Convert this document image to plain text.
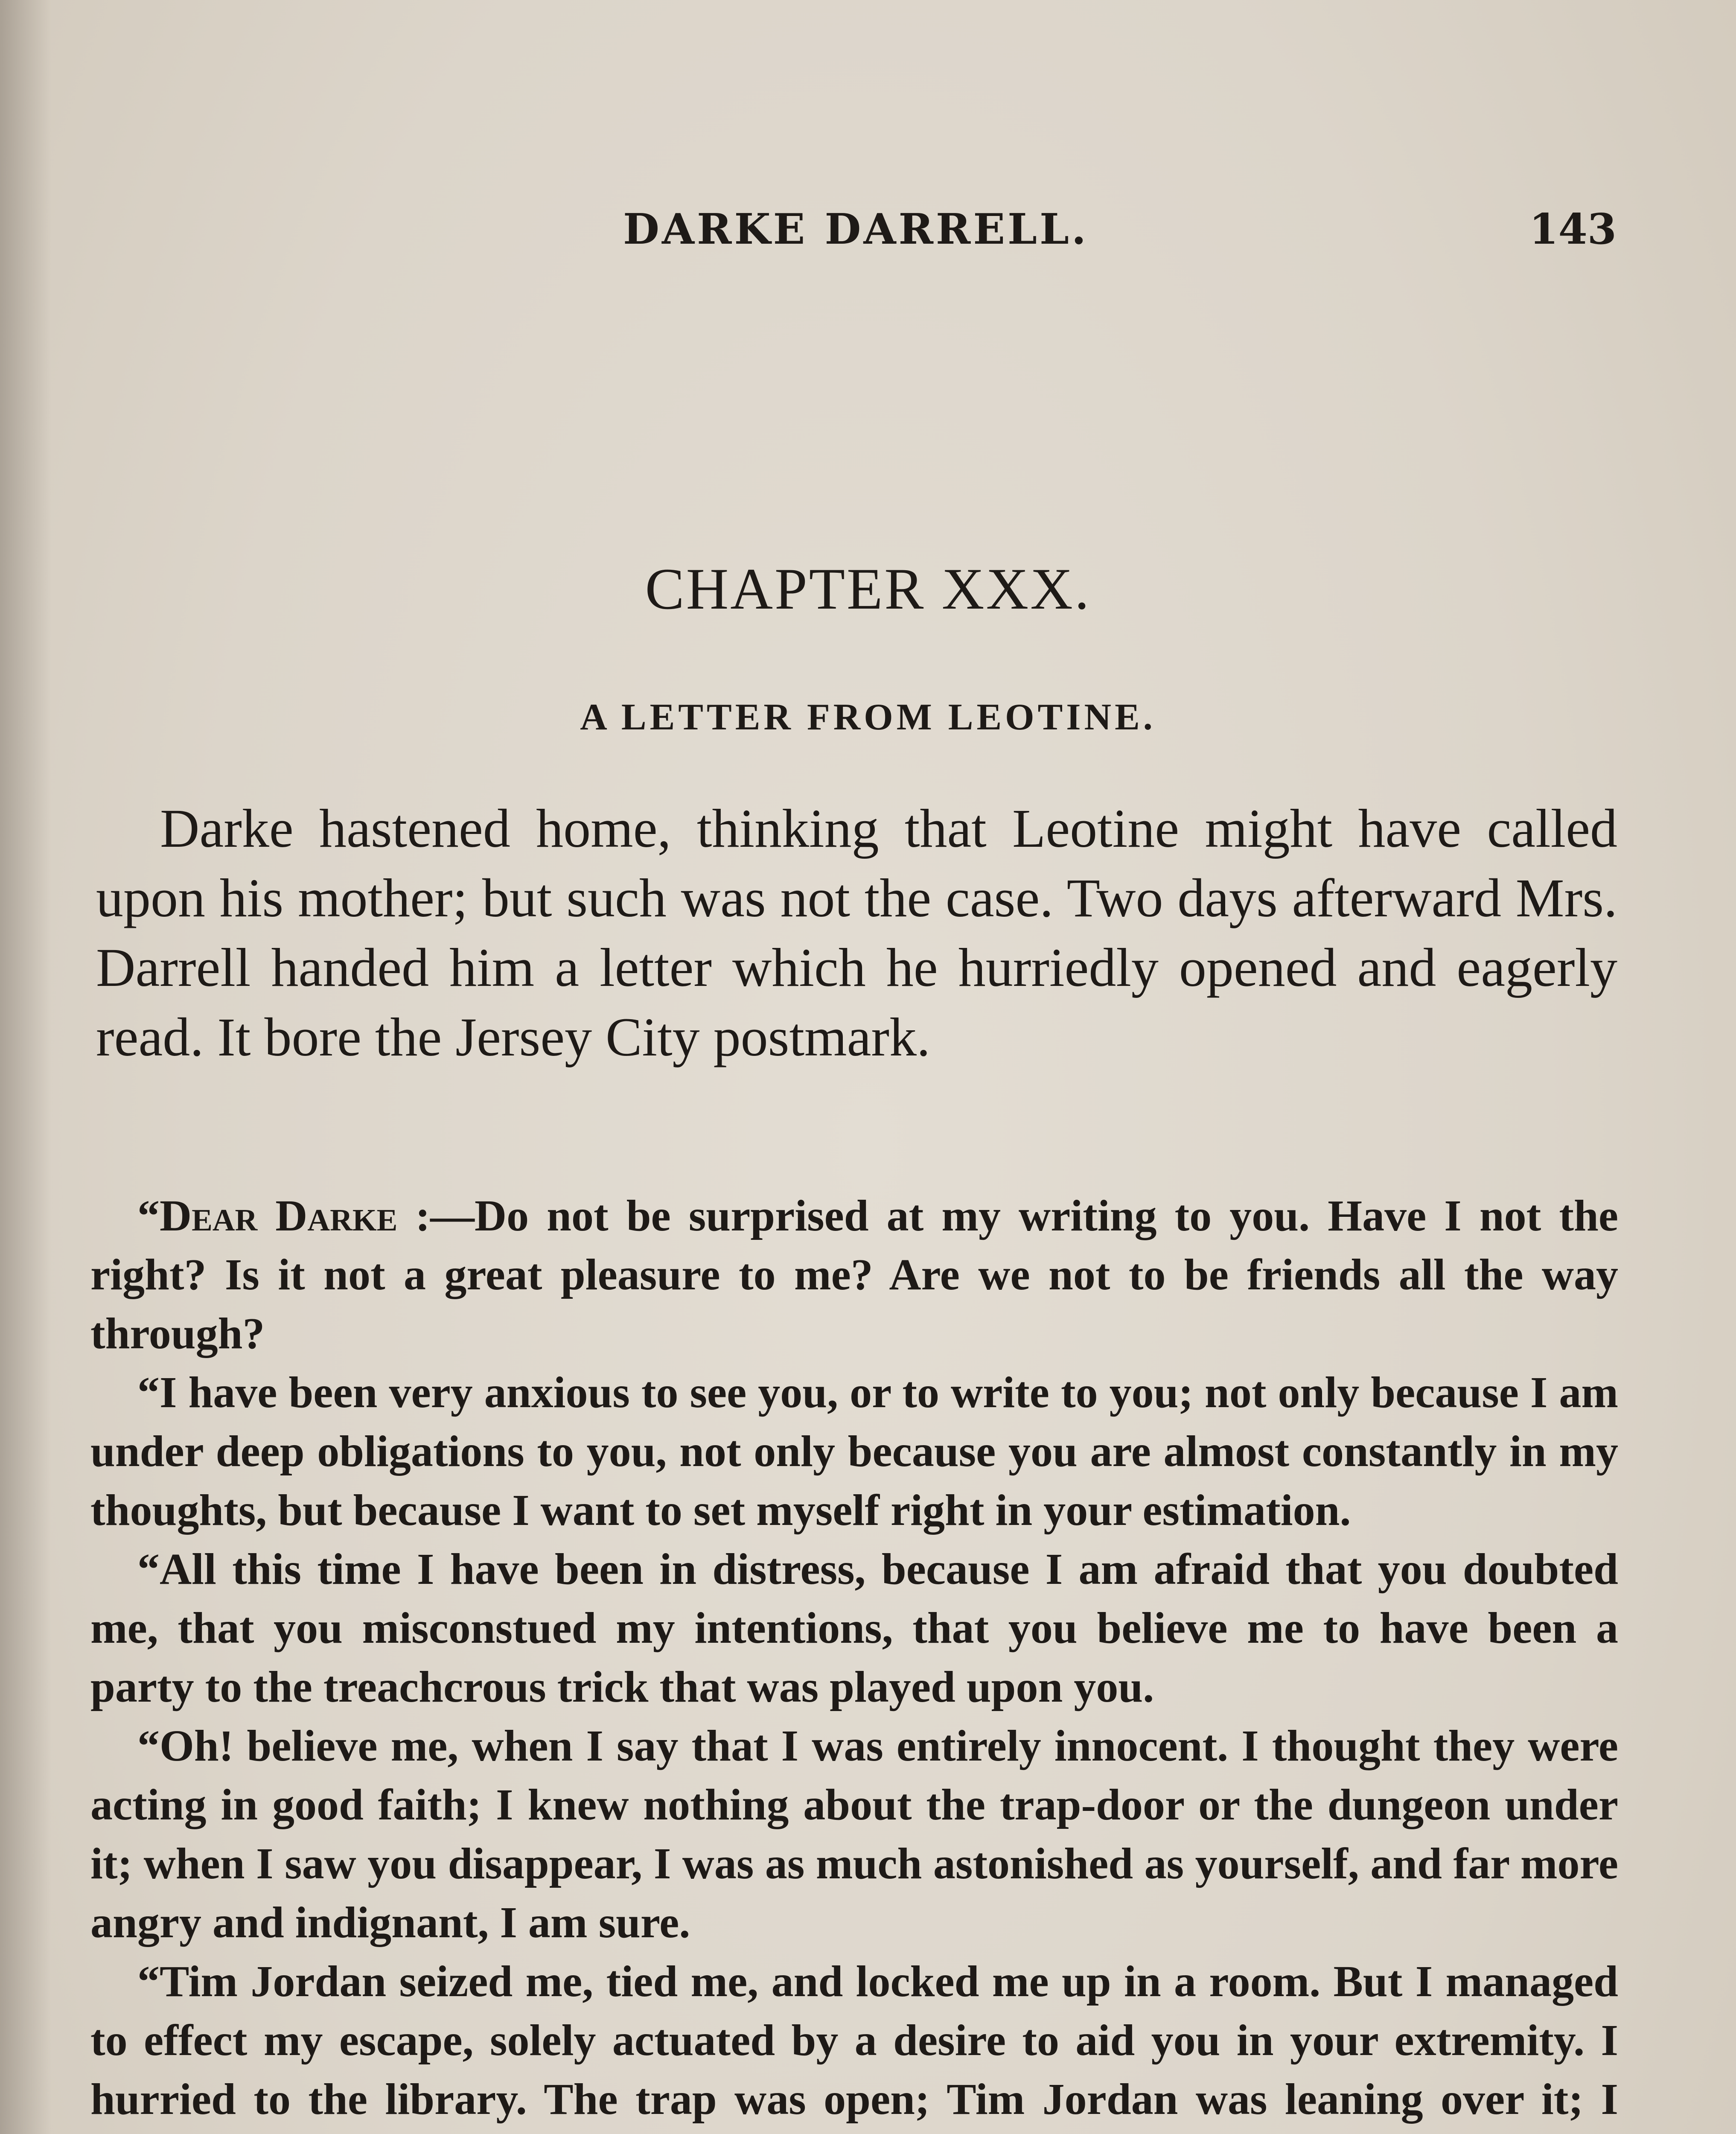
DARKE DARRELL.	143
CHAPTER XXX.
A LETTER FROM LEOTINE.

Darke hastened home, thinking that Leotine might have called upon his mother; but such was not the case. Two days afterward Mrs. Darrell handed him a letter which he hurriedly opened and eagerly read. It bore the Jersey City postmark.

“Dear Darke :—Do not be surprised at my writing to you. Have I not the right? Is it not a great pleasure to me? Are we not to be friends all the way through?

“I have been very anxious to see you, or to write to you; not only because I am under deep obligations to you, not only because you are almost constantly in my thoughts, but because I want to set myself right in your estimation.

“All this time I have been in distress, because I am afraid that you doubted me, that you misconstued my intentions, that you believe me to have been a party to the treachcrous trick that was played upon you.

“Oh! believe me, when I say that I was entirely innocent. I thought they were acting in good faith; I knew nothing about the trap-door or the dungeon under it; when I saw you disappear, I was as much astonished as yourself, and far more angry and indignant, I am sure.

“Tim Jordan seized me, tied me, and locked me up in a room. But I managed to effect my escape, solely actuated by a desire to aid you in your extremity. I hurried to the library. The trap was open; Tim Jordan was leaning over it; I
